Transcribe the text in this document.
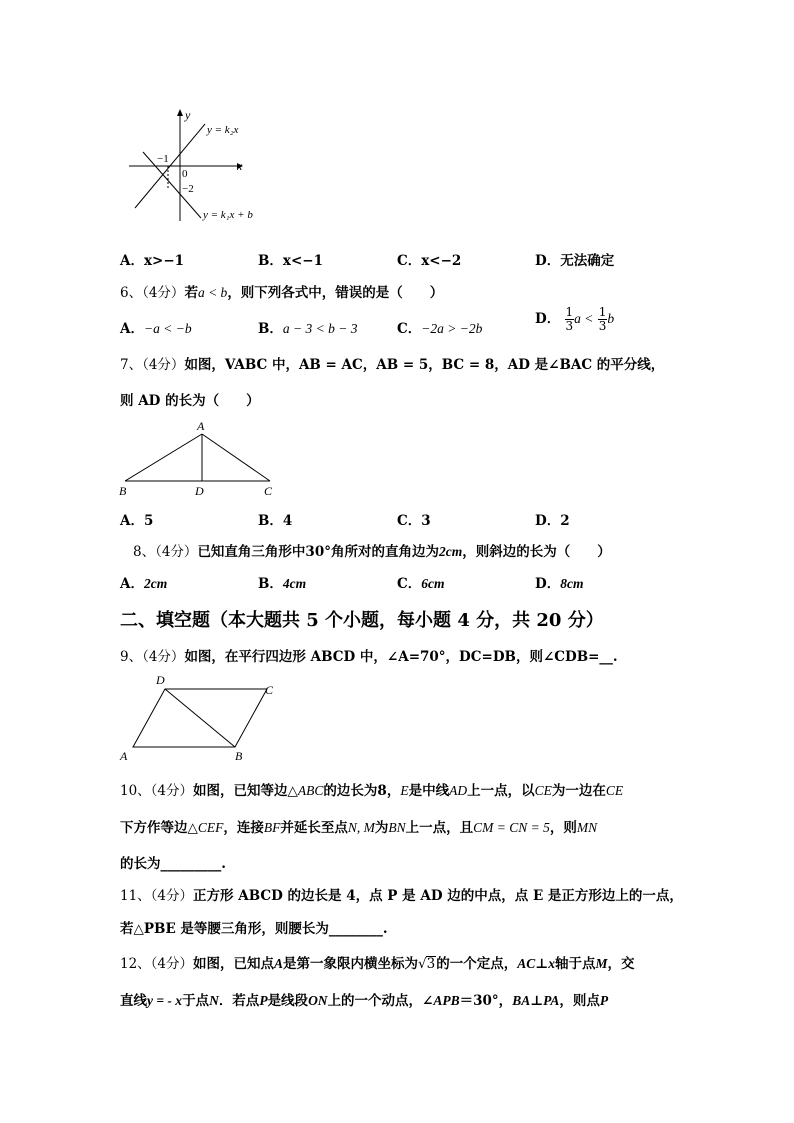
y
x
y = k₂x
y = k₁x + b
−1
0
−2
A．x>−1	B．x<−1	C．x<−2	D．无法确定
6、（4分）若a < b，则下列各式中，错误的是（　　）
A．−a < −b	B．a − 3 < b − 3	C．−2a > −2b
D． $\frac{1}{3}$ $a < \frac{1}{3}$ b
7、（4分）如图，VABC 中，AB = AC，AB = 5，BC = 8，AD 是∠BAC 的平分线，
则 AD 的长为（　　）
A
B	D	C
A．5	B．4	C．3	D．2
8、（4分）已知直角三角形中30°角所对的直角边为2cm，则斜边的长为（　　）
A．2cm	B．4cm	C．6cm	D．8cm
二、填空题（本大题共 5 个小题，每小题 4 分，共 20 分）
9、（4分）如图，在平行四边形 ABCD 中，∠A=70°，DC=DB，则∠CDB=__.
D
C
A	B
10、（4分）如图，已知等边△ABC的边长为8，E是中线AD上一点，以CE为一边在CE
下方作等边△CEF，连接BF并延长至点N, M为BN上一点，且CM = CN = 5，则MN
的长为_________.
11、（4分）正方形 ABCD 的边长是 4，点 P 是 AD 边的中点，点 E 是正方形边上的一点，
若△PBE 是等腰三角形，则腰长为________.
12、（4分）如图，已知点A是第一象限内横坐标为√3的一个定点，AC⊥x轴于点M，交
直线y = - x于点N．若点P是线段ON上的一个动点，∠APB＝30°，BA⊥PA，则点P
